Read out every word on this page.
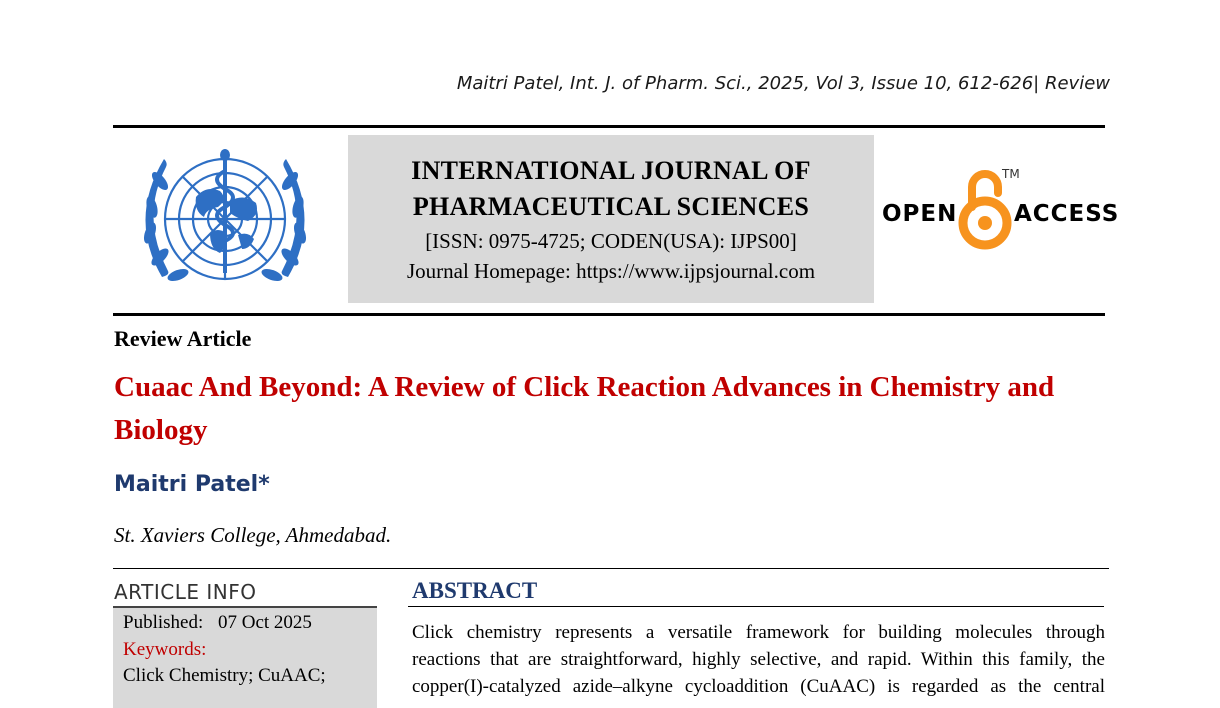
Maitri Patel, Int. J. of Pharm. Sci., 2025, Vol 3, Issue 10, 612-626| Review
INTERNATIONAL JOURNAL OF
PHARMACEUTICAL SCIENCES
[ISSN: 0975-4725; CODEN(USA): IJPS00]
Journal Homepage: https://www.ijpsjournal.com
OPEN
TM
ACCESS
Review Article
Cuaac And Beyond: A Review of Click Reaction Advances in Chemistry and Biology
Maitri Patel*
St. Xaviers College, Ahmedabad.
ARTICLE INFO
Published: 07 Oct 2025
Keywords:
Click Chemistry; CuAAC;
ABSTRACT
Click chemistry represents a versatile framework for building molecules through
reactions that are straightforward, highly selective, and rapid. Within this family, the
copper(I)-catalyzed azide–alkyne cycloaddition (CuAAC) is regarded as the central
